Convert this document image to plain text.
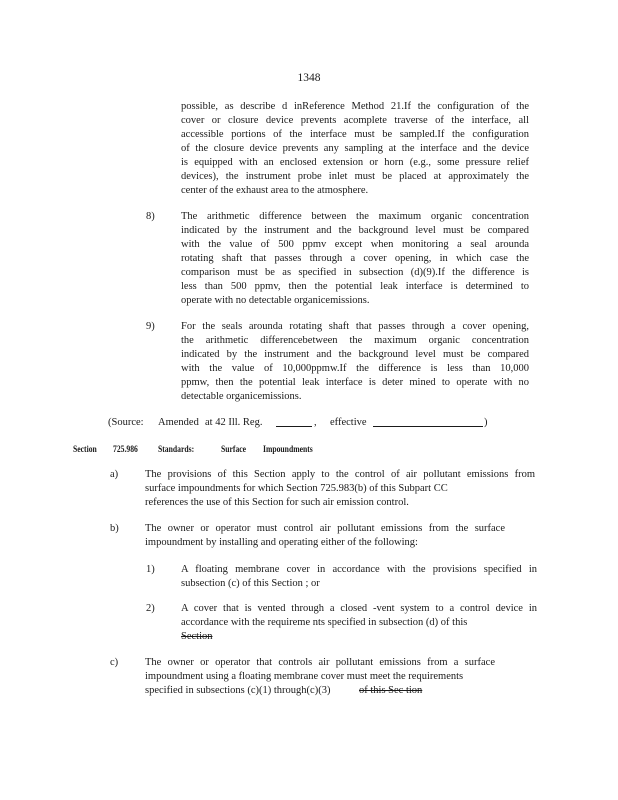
1348
possible, as describe d inReference Method 21.If the configuration of the
cover or closure device prevents acomplete traverse of the interface, all
accessible portions of the interface must be sampled.If the configuration
of the closure device prevents any sampling at the interface and the device
is equipped with an enclosed extension or horn (e.g., some pressure relief
devices), the instrument probe inlet must be placed at approximately the
center of the exhaust area to the atmosphere.
8)	The arithmetic difference between the maximum organic concentration
indicated by the instrument and the background level must be compared
with the value of 500 ppmv except when monitoring a seal arounda
rotating shaft that passes through a cover opening, in which case the
comparison must be as specified in subsection (d)(9).If the difference is
less than 500 ppmv, then the potential leak interface is determined to
operate with no detectable organicemissions.
9)	For the seals arounda rotating shaft that passes through a cover opening,
the arithmetic differencebetween the maximum organic concentration
indicated by the instrument and the background level must be compared
with the value of 10,000ppmw.If the difference is less than 10,000
ppmw, then the potential leak interface is deter mined to operate with no
detectable organicemissions.
(Source: Amended at 42 Ill. Reg.	, effective	)
Section 725.986 Standards:	Surface Impoundments
a)	The provisions of this Section apply to the control of air pollutant emissions from
surface impoundments for which Section 725.983(b) of this Subpart CC
references the use of this Section for such air emission control.
b)	The owner or operator must control air pollutant emissions from the surface
impoundment by installing and operating either of the following:
1)	A floating membrane cover in accordance with the provisions specified in
subsection (c) of this Section ; or
2)	A cover that is vented through a closed -vent system to a control device in
accordance with the requireme nts specified in subsection (d) of this
Section
c)	The owner or operator that controls air pollutant emissions from a surface
impoundment using a floating membrane cover must meet the requirements
specified in subsections (c)(1) through(c)(3)	of this Sec tion
